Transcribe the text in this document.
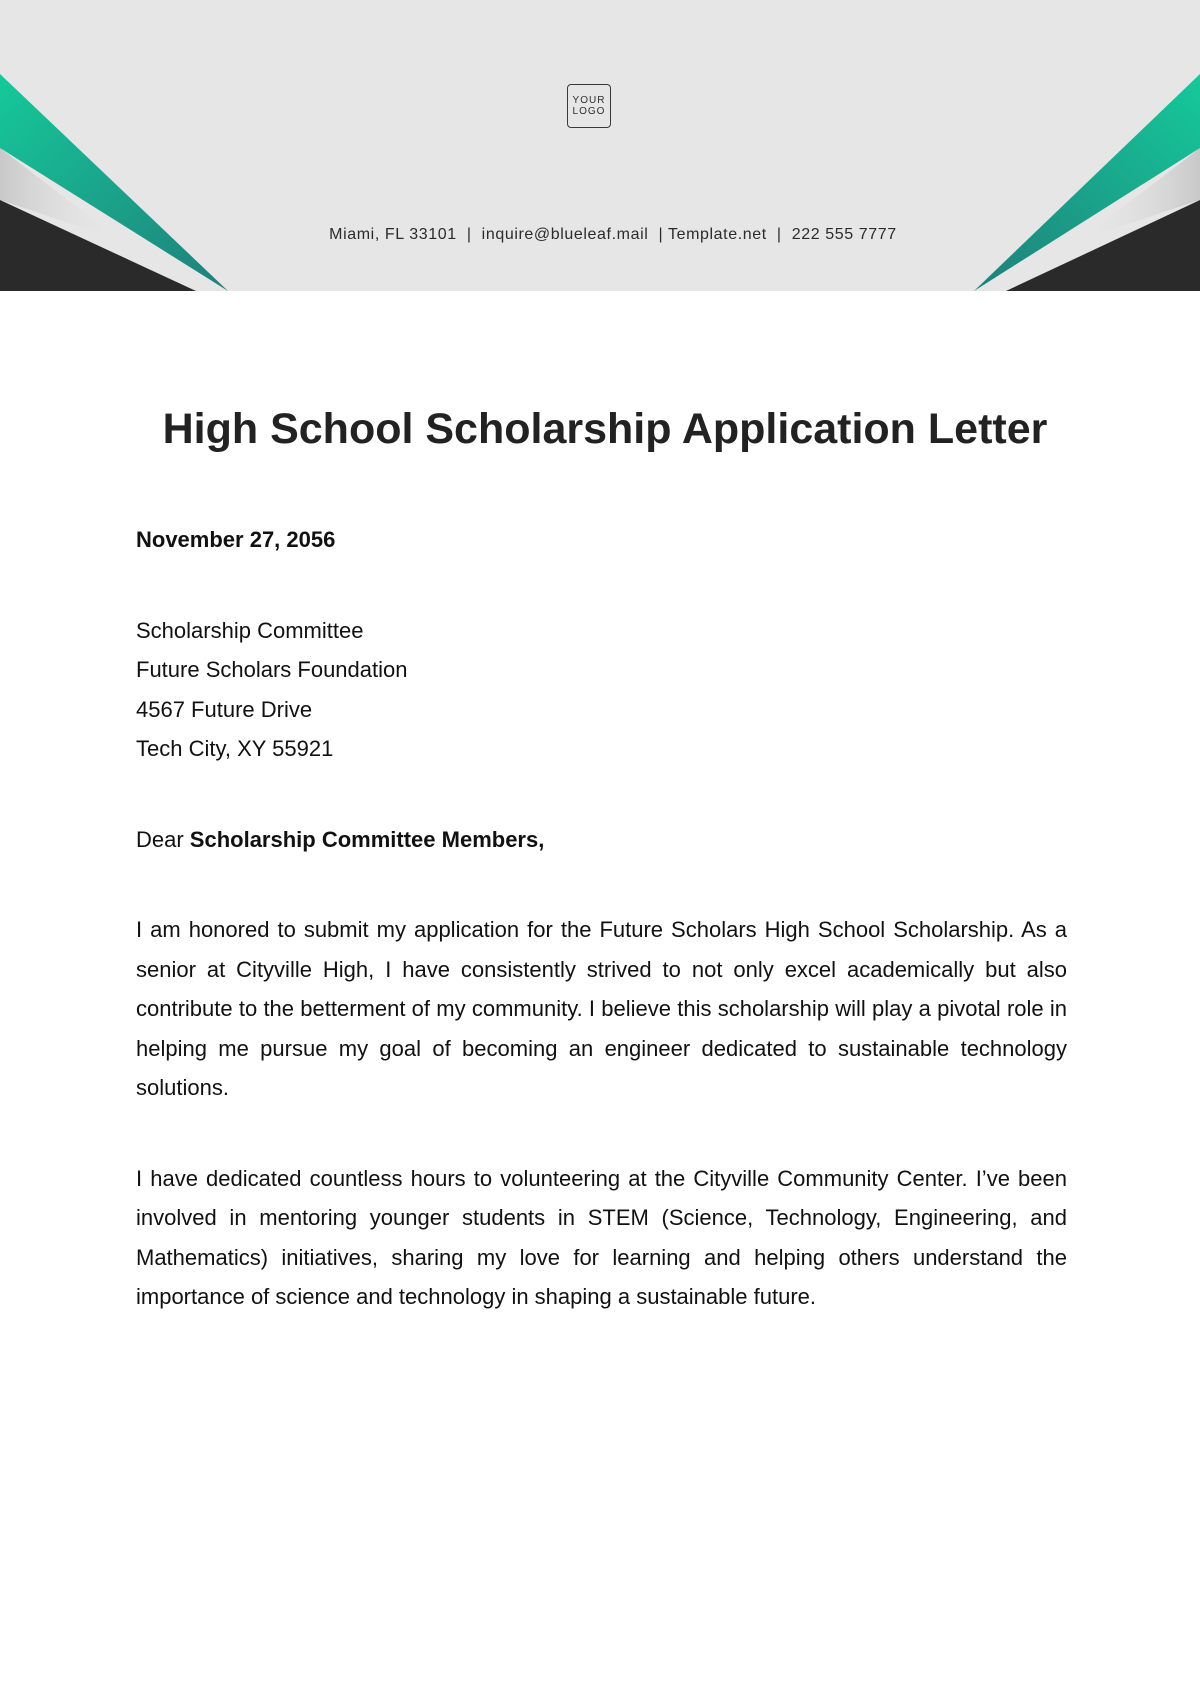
YOUR
LOGO
Miami, FL 33101  |  inquire@blueleaf.mail  | Template.net  |  222 555 7777
High School Scholarship Application Letter

November 27, 2056

Scholarship Committee
Future Scholars Foundation
4567 Future Drive
Tech City, XY 55921

Dear Scholarship Committee Members,

I am honored to submit my application for the Future Scholars High School Scholarship. As a senior at Cityville High, I have consistently strived to not only excel academically but also contribute to the betterment of my community. I believe this scholarship will play a pivotal role in helping me pursue my goal of becoming an engineer dedicated to sustainable technology solutions.

I have dedicated countless hours to volunteering at the Cityville Community Center. I’ve been involved in mentoring younger students in STEM (Science, Technology, Engineering, and Mathematics) initiatives, sharing my love for learning and helping others understand the importance of science and technology in shaping a sustainable future.
